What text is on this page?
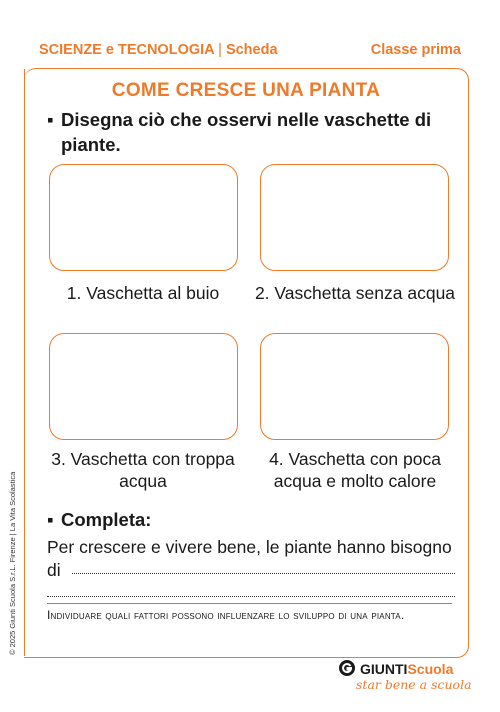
SCIENZE e TECNOLOGIA | Scheda	Classe prima
COME CRESCE UNA PIANTA
▪ Disegna ciò che osservi nelle vaschette di piante.
1. Vaschetta al buio	2. Vaschetta senza acqua
3. Vaschetta con troppa acqua
4. Vaschetta con poca acqua e molto calore
▪ Completa:
Per crescere e vivere bene, le piante hanno bisogno di
Individuare quali fattori possono influenzare lo sviluppo di una pianta.
© 2025 Giunti Scuola S.r.L. Firenze | La Vita Scolastica
GIUNTIScuola
star bene a scuola
